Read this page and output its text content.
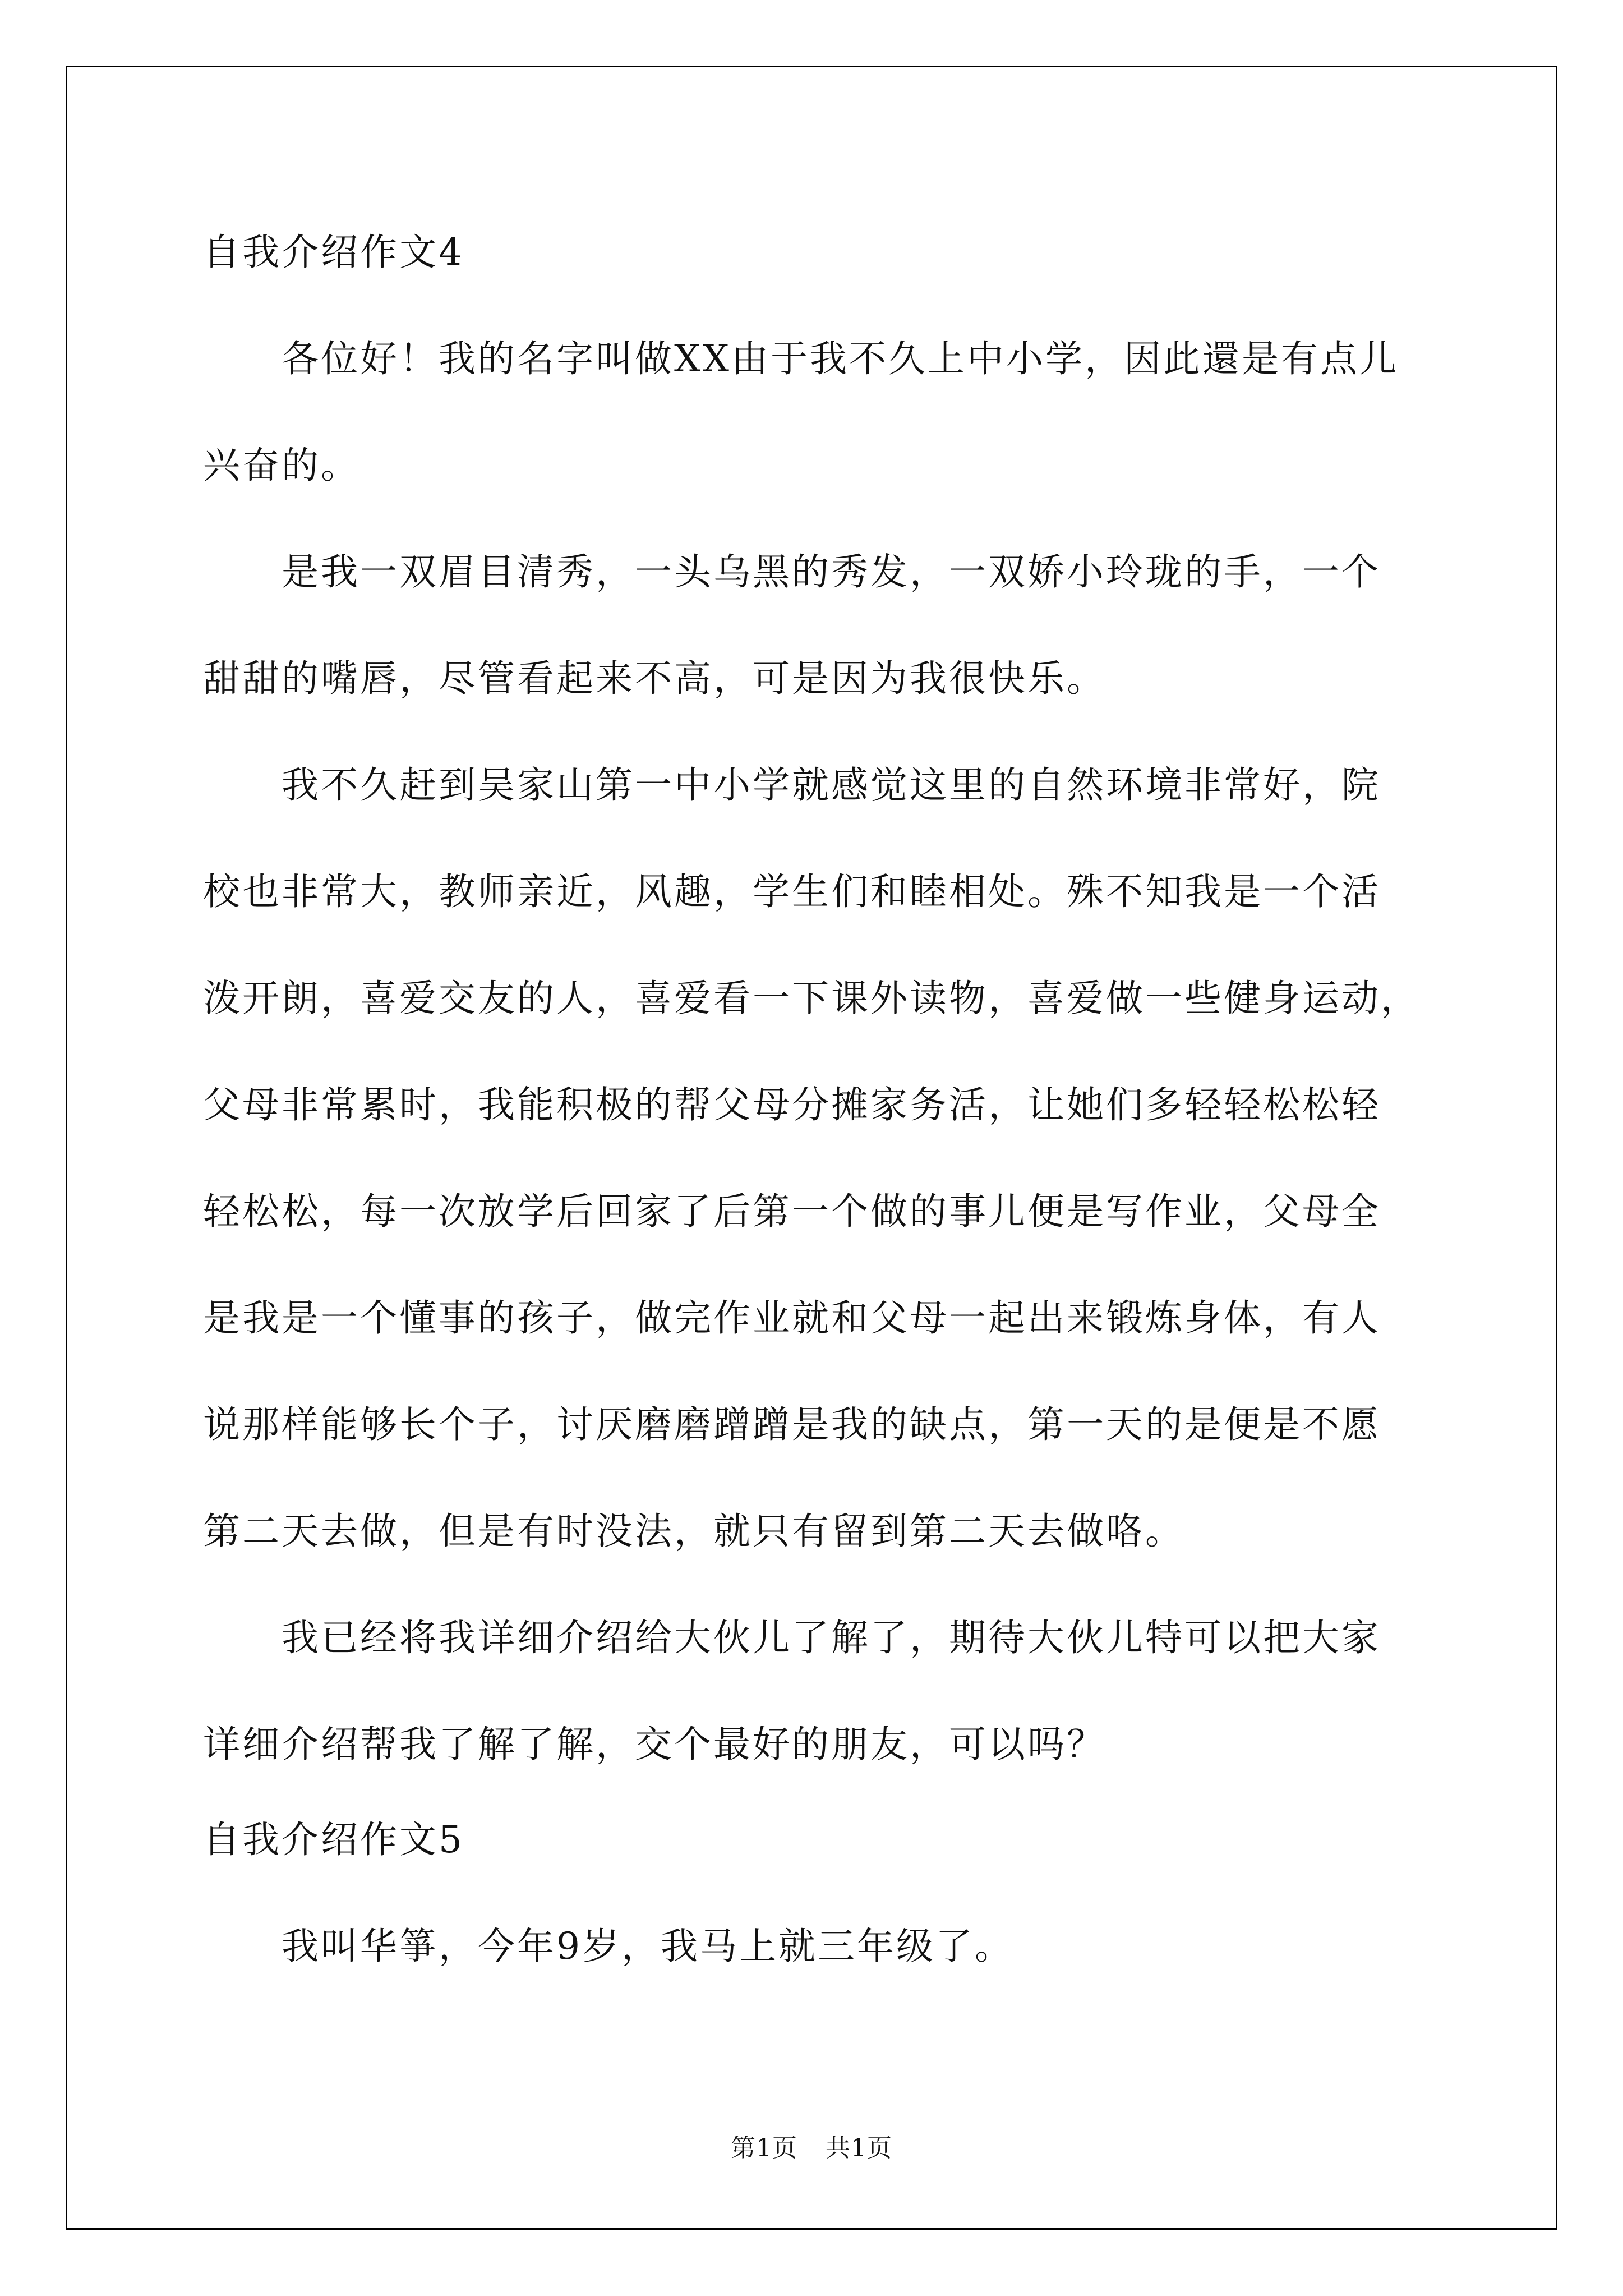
自我介绍作文4
各位好！我的名字叫做XX由于我不久上中小学，因此還是有点儿
兴奋的。
是我一双眉目清秀，一头乌黑的秀发，一双娇小玲珑的手，一个
甜甜的嘴唇，尽管看起来不高，可是因为我很快乐。
我不久赶到吴家山第一中小学就感觉这里的自然环境非常好，院
校也非常大，教师亲近，风趣，学生们和睦相处。殊不知我是一个活
泼开朗，喜爱交友的人，喜爱看一下课外读物，喜爱做一些健身运动，
父母非常累时，我能积极的帮父母分摊家务活，让她们多轻轻松松轻
轻松松，每一次放学后回家了后第一个做的事儿便是写作业，父母全
是我是一个懂事的孩子，做完作业就和父母一起出来锻炼身体，有人
说那样能够长个子，讨厌磨磨蹭蹭是我的缺点，第一天的是便是不愿
第二天去做，但是有时没法，就只有留到第二天去做咯。
我已经将我详细介绍给大伙儿了解了，期待大伙儿特可以把大家
详细介绍帮我了解了解，交个最好的朋友，可以吗？
自我介绍作文5
我叫华箏，今年9岁，我马上就三年级了。
第1页 共1页
